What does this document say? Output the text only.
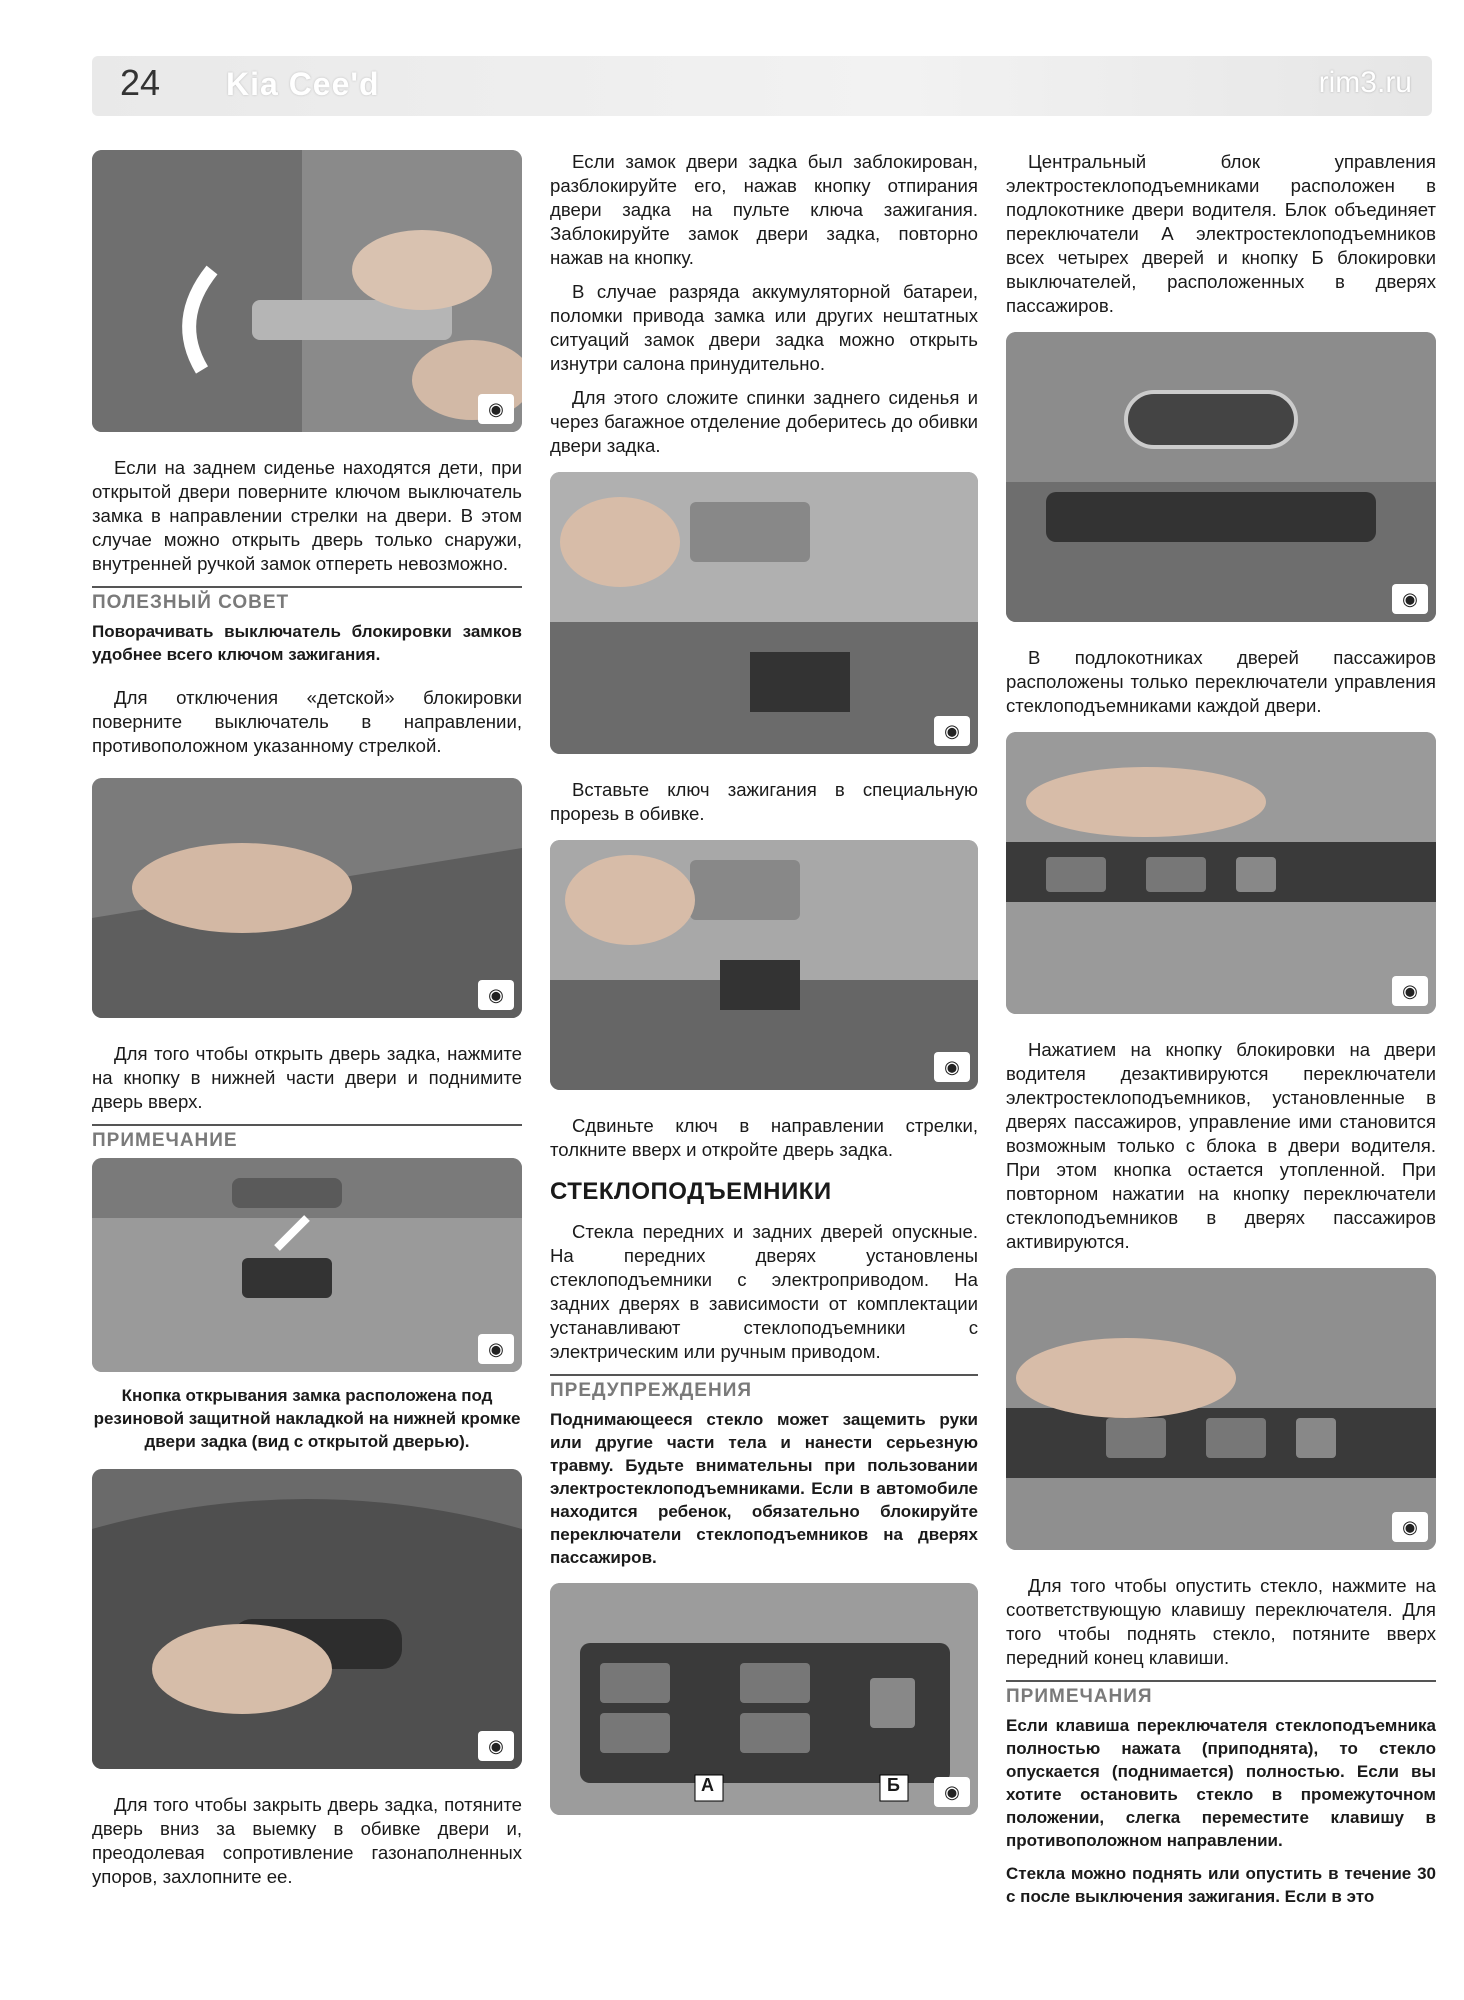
24 Kia Cee'd	rim3.ru
◉

Если на заднем сиденье находятся дети, при открытой двери поверните ключом выключатель замка в направлении стрелки на двери. В этом случае можно открыть дверь только снаружи, внутренней ручкой замок отпереть невозможно.

ПОЛЕЗНЫЙ СОВЕТ

Поворачивать выключатель блокировки замков удобнее всего ключом зажигания.

Для отключения «детской» блокировки поверните выключатель в направлении, противоположном указанному стрелкой.

◉

Для того чтобы открыть дверь задка, нажмите на кнопку в нижней части двери и поднимите дверь вверх.

ПРИМЕЧАНИЕ
◉

Кнопка открывания замка расположена под резиновой защитной накладкой на нижней кромке двери задка (вид с открытой дверью).

◉

Для того чтобы закрыть дверь задка, потяните дверь вниз за выемку в обивке двери и, преодолевая сопротивление газонаполненных упоров, захлопните ее.

Если замок двери задка был заблокирован, разблокируйте его, нажав кнопку отпирания двери задка на пульте ключа зажигания. Заблокируйте замок двери задка, повторно нажав на кнопку.

В случае разряда аккумуляторной батареи, поломки привода замка или других нештатных ситуаций замок двери задка можно открыть изнутри салона принудительно.

Для этого сложите спинки заднего сиденья и через багажное отделение доберитесь до обивки двери задка.

◉

Вставьте ключ зажигания в специальную прорезь в обивке.

◉

Сдвиньте ключ в направлении стрелки, толкните вверх и откройте дверь задка.

СТЕКЛОПОДЪЕМНИКИ

Стекла передних и задних дверей опускные. На передних дверях установлены стеклоподъемники с электроприводом. На задних дверях в зависимости от комплектации устанавливают стеклоподъемники с электрическим или ручным приводом.

ПРЕДУПРЕЖДЕНИЯ

Поднимающееся стекло может защемить руки или другие части тела и нанести серьезную травму. Будьте внимательны при пользовании электростеклоподъемниками. Если в автомобиле находится ребенок, обязательно блокируйте переключатели стеклоподъемников на дверях пассажиров.

А	Б	◉

Центральный блок управления электростеклоподъемниками расположен в подлокотнике двери водителя. Блок объединяет переключатели А электростеклоподъемников всех четырех дверей и кнопку Б блокировки выключателей, расположенных в дверях пассажиров.

◉

В подлокотниках дверей пассажиров расположены только переключатели управления стеклоподъемниками каждой двери.

◉

Нажатием на кнопку блокировки на двери водителя дезактивируются переключатели электростеклоподъемников, установленные в дверях пассажиров, управление ими становится возможным только с блока в двери водителя. При этом кнопка остается утопленной. При повторном нажатии на кнопку переключатели стеклоподъемников в дверях пассажиров активируются.

◉

Для того чтобы опустить стекло, нажмите на соответствующую клавишу переключателя. Для того чтобы поднять стекло, потяните вверх передний конец клавиши.

ПРИМЕЧАНИЯ

Если клавиша переключателя стеклоподъемника полностью нажата (приподнята), то стекло опускается (поднимается) полностью. Если вы хотите остановить стекло в промежуточном положении, слегка переместите клавишу в противоположном направлении.

Стекла можно поднять или опустить в течение 30 с после выключения зажигания. Если в это
